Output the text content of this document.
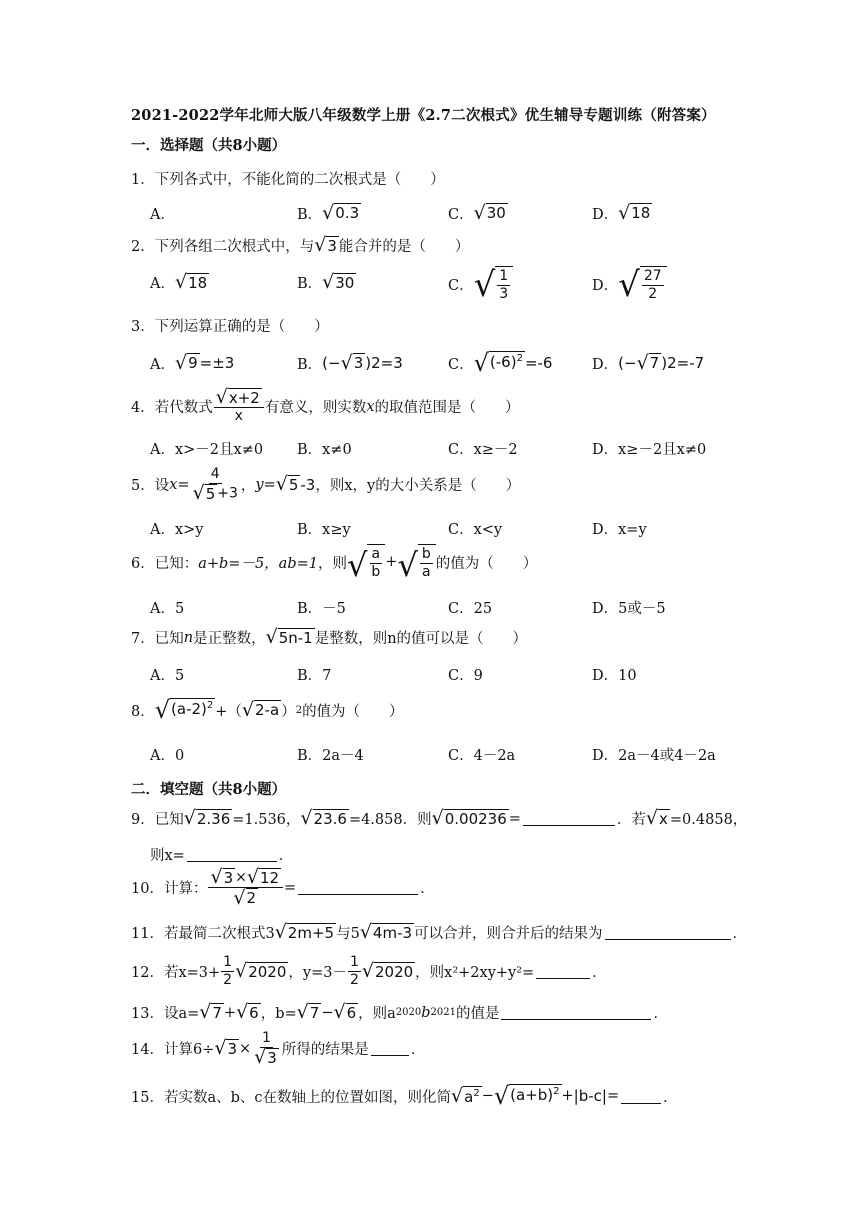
2021-2022学年北师大版八年级数学上册《2.7二次根式》优生辅导专题训练（附答案）
一．选择题（共8小题）
1．下列各式中，不能化简的二次根式是（　　）
A．	B． √ 0.3	C． √ 30	D． √ 18
2．下列各组二次根式中，与 √ 3 能合并的是（　　）
A． √ 18	B． √ 30	C． √ $\frac{1}{3}$	D． √ $\frac{27}{2}$
3．下列运算正确的是（　　）
A． √ 9 =±3	B． (− √ 3 ) 2 =3	C． √ $(-6)^2 =-6$	D． (− √ 7 ) 2 =-7
4．若代数式 $\frac{√ x+2}{x}$ 有意义，则实数 x 的取值范围是（　　）
A．x>－2且x≠0 B．x≠0	C．x≥－2	D．x≥－2且x≠0
5．设 $x = \frac{4}{√ 5 +3}$ ， y = √ 5 -3 ，则x，y的大小关系是（　　）
A．x>y	B．x≥y	C．x<y	D．x=y
6．已知： a+b=－5，ab=1 ，则 √ $\frac{a}{b}$ + √ $\frac{b}{a}$ 的值为（　　）
A．5	B．－5	C．25	D．5或－5
7．已知 n 是正整数， √ 5n-1 是整数，则n的值可以是（　　）
A．5	B．7	C．9	D．10
8． √ $(a-2)^2$ +（ √ 2-a ） 2 的值为（　　）
A．0	B．2a－4	C．4－2a	D．2a－4或4－2a
二．填空题（共8小题）
9．已知 √ 2.36 =1.536， √ 23.6 =4.858．则 √ 0.00236 =	．若 √ x =0.4858，
则x=	．
10．计算： $\frac{√ 3 \times √ 12}{√ 2}$ =	．
11．若最简二次根式3 √ 2m+5 与5 √ 4m-3 可以合并，则合并后的结果为	．
12．若$x=3+ \frac{1}{2}$ √ 2020 ，$y=3- \frac{1}{2}$ √ 2020 ，则x²+2xy+y²=	．
13．设a= √ 7 + √ 6 ，b= √ 7 − √ 6 ，则a 2020 b 2021 的值是	．
14．计算6÷ √ $3 \times \frac{1}{√ 3}$ 所得的结果是	．
15．若实数a、b、c在数轴上的位置如图，则化简 √ $a^2$ − √ $(a+b)^2 + |b-c|$ =	．
